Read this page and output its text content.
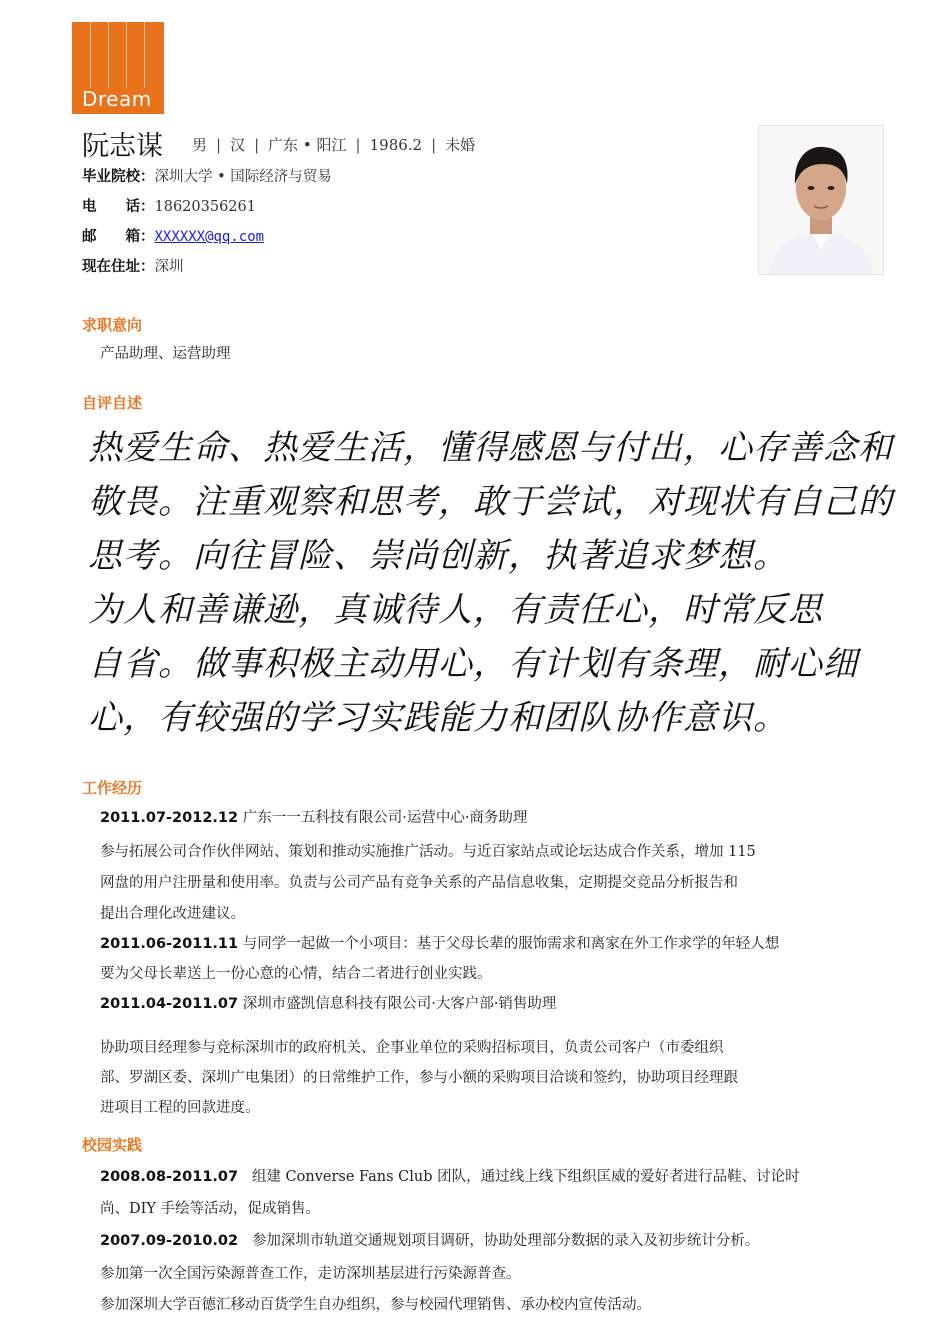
Dream
阮志谋 男 | 汉 | 广东 • 阳江 | 1986.2 | 未婚
毕业院校：深圳大学 • 国际经济与贸易
电　　话：18620356261
邮　　箱：XXXXXX@qq.com
现在住址：深圳
求职意向
产品助理、运营助理
自评自述
热爱生命、热爱生活，懂得感恩与付出，心存善念和
敬畏。注重观察和思考，敢于尝试，对现状有自己的
思考。向往冒险、崇尚创新，执著追求梦想。
为人和善谦逊，真诚待人，有责任心，时常反思
自省。做事积极主动用心，有计划有条理，耐心细
心，有较强的学习实践能力和团队协作意识。
工作经历
2011.07-2012.12 广东一一五科技有限公司·运营中心·商务助理
参与拓展公司合作伙伴网站、策划和推动实施推广活动。与近百家站点或论坛达成合作关系，增加 115
网盘的用户注册量和使用率。负责与公司产品有竞争关系的产品信息收集，定期提交竞品分析报告和
提出合理化改进建议。
2011.06-2011.11 与同学一起做一个小项目：基于父母长辈的服饰需求和离家在外工作求学的年轻人想
要为父母长辈送上一份心意的心情，结合二者进行创业实践。
2011.04-2011.07 深圳市盛凯信息科技有限公司·大客户部·销售助理
协助项目经理参与竞标深圳市的政府机关、企事业单位的采购招标项目，负责公司客户（市委组织
部、罗湖区委、深圳广电集团）的日常维护工作，参与小额的采购项目洽谈和签约，协助项目经理跟
进项目工程的回款进度。
校园实践
2008.08-2011.07 组建 Converse Fans Club 团队，通过线上线下组织匡威的爱好者进行品鞋、讨论时
尚、DIY 手绘等活动，促成销售。
2007.09-2010.02 参加深圳市轨道交通规划项目调研，协助处理部分数据的录入及初步统计分析。
参加第一次全国污染源普查工作，走访深圳基层进行污染源普查。
参加深圳大学百德汇移动百货学生自办组织，参与校园代理销售、承办校内宣传活动。
